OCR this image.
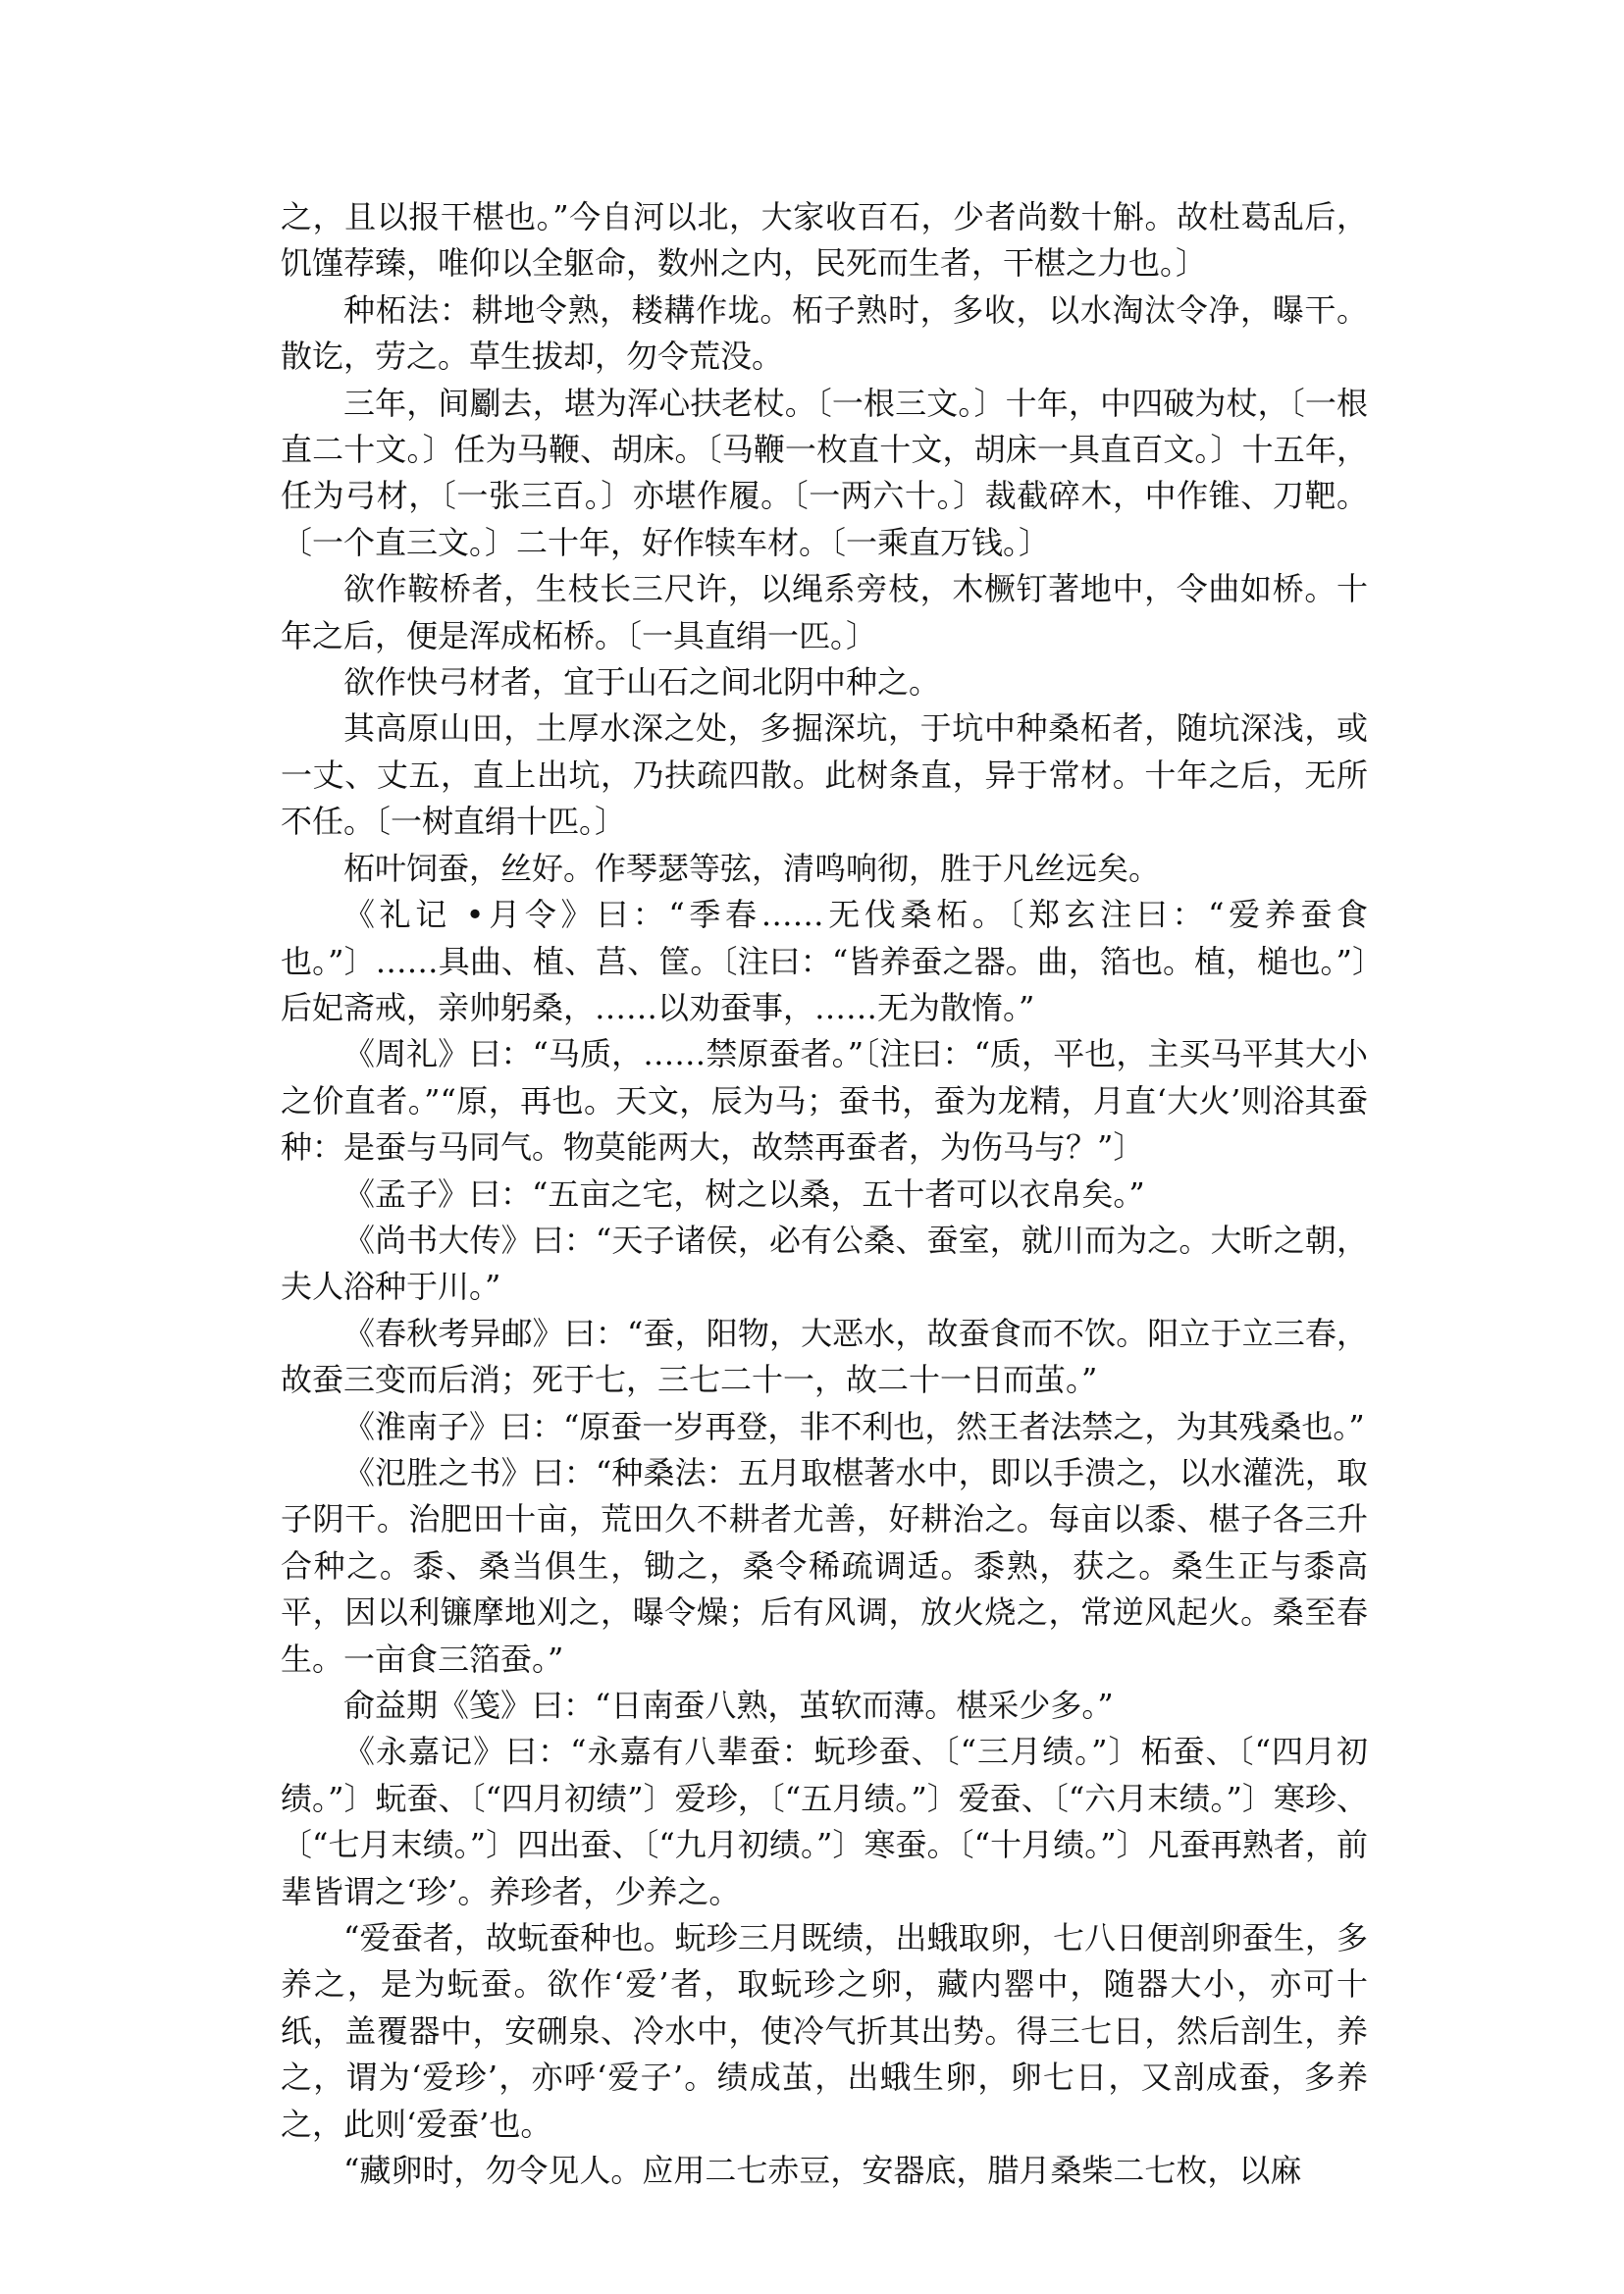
之，且以报干椹也。”今自河以北，大家收百石，少者尚数十斛。故杜葛乱后，饥馑荐臻，唯仰以全躯命，数州之内，民死而生者，干椹之力也。〕

种柘法：耕地令熟，耧耩作垅。柘子熟时，多收，以水淘汰令净，曝干。散讫，劳之。草生拔却，勿令荒没。

三年，间劚去，堪为浑心扶老杖。〔一根三文。〕十年，中四破为杖，〔一根直二十文。〕任为马鞭、胡床。〔马鞭一枚直十文，胡床一具直百文。〕十五年，任为弓材，〔一张三百。〕亦堪作履。〔一两六十。〕裁截碎木，中作锥、刀靶。〔一个直三文。〕二十年，好作犊车材。〔一乘直万钱。〕

欲作鞍桥者，生枝长三尺许，以绳系旁枝，木橛钉著地中，令曲如桥。十年之后，便是浑成柘桥。〔一具直绢一匹。〕

欲作快弓材者，宜于山石之间北阴中种之。

其高原山田，土厚水深之处，多掘深坑，于坑中种桑柘者，随坑深浅，或一丈、丈五，直上出坑，乃扶疏四散。此树条直，异于常材。十年之后，无所不任。〔一树直绢十匹。〕

柘叶饲蚕，丝好。作琴瑟等弦，清鸣响彻，胜于凡丝远矣。

《礼记 •月令》曰：“季春……无伐桑柘。〔郑玄注曰：“爱养蚕食也。”〕……具曲、植、莒、筐。〔注曰：“皆养蚕之器。曲，箔也。植，槌也。”〕后妃斋戒，亲帅躬桑，……以劝蚕事，……无为散惰。”

《周礼》曰：“马质，……禁原蚕者。”〔注曰：“质，平也，主买马平其大小之价直者。”“原，再也。天文，辰为马；蚕书，蚕为龙精，月直‘大火’则浴其蚕种：是蚕与马同气。物莫能两大，故禁再蚕者，为伤马与？”〕

《孟子》曰：“五亩之宅，树之以桑，五十者可以衣帛矣。”

《尚书大传》曰：“天子诸侯，必有公桑、蚕室，就川而为之。大昕之朝，夫人浴种于川。”

《春秋考异邮》曰：“蚕，阳物，大恶水，故蚕食而不饮。阳立于立三春，故蚕三变而后消；死于七，三七二十一，故二十一日而茧。”

《淮南子》曰：“原蚕一岁再登，非不利也，然王者法禁之，为其残桑也。”

《氾胜之书》曰：“种桑法：五月取椹著水中，即以手溃之，以水灌洗，取子阴干。治肥田十亩，荒田久不耕者尤善，好耕治之。每亩以黍、椹子各三升合种之。黍、桑当俱生，锄之，桑令稀疏调适。黍熟，获之。桑生正与黍高平，因以利镰摩地刈之，曝令燥；后有风调，放火烧之，常逆风起火。桑至春生。一亩食三箔蚕。”

俞益期《笺》曰：“日南蚕八熟，茧软而薄。椹采少多。”

《永嘉记》曰：“永嘉有八辈蚕：蚖珍蚕、〔“三月绩。”〕柘蚕、〔“四月初绩。”〕蚖蚕、〔“四月初绩”〕爱珍，〔“五月绩。”〕爱蚕、〔“六月末绩。”〕寒珍、〔“七月末绩。”〕四出蚕、〔“九月初绩。”〕寒蚕。〔“十月绩。”〕凡蚕再熟者，前辈皆谓之‘珍’。养珍者，少养之。

“爱蚕者，故蚖蚕种也。蚖珍三月既绩，出蛾取卵，七八日便剖卵蚕生，多养之，是为蚖蚕。欲作‘爱’者，取蚖珍之卵，藏内罂中，随器大小，亦可十纸，盖覆器中，安硎泉、冷水中，使冷气折其出势。得三七日，然后剖生，养之，谓为‘爱珍’，亦呼‘爱子’。绩成茧，出蛾生卵，卵七日，又剖成蚕，多养之，此则‘爱蚕’也。

“藏卵时，勿令见人。应用二七赤豆，安器底，腊月桑柴二七枚，以麻
